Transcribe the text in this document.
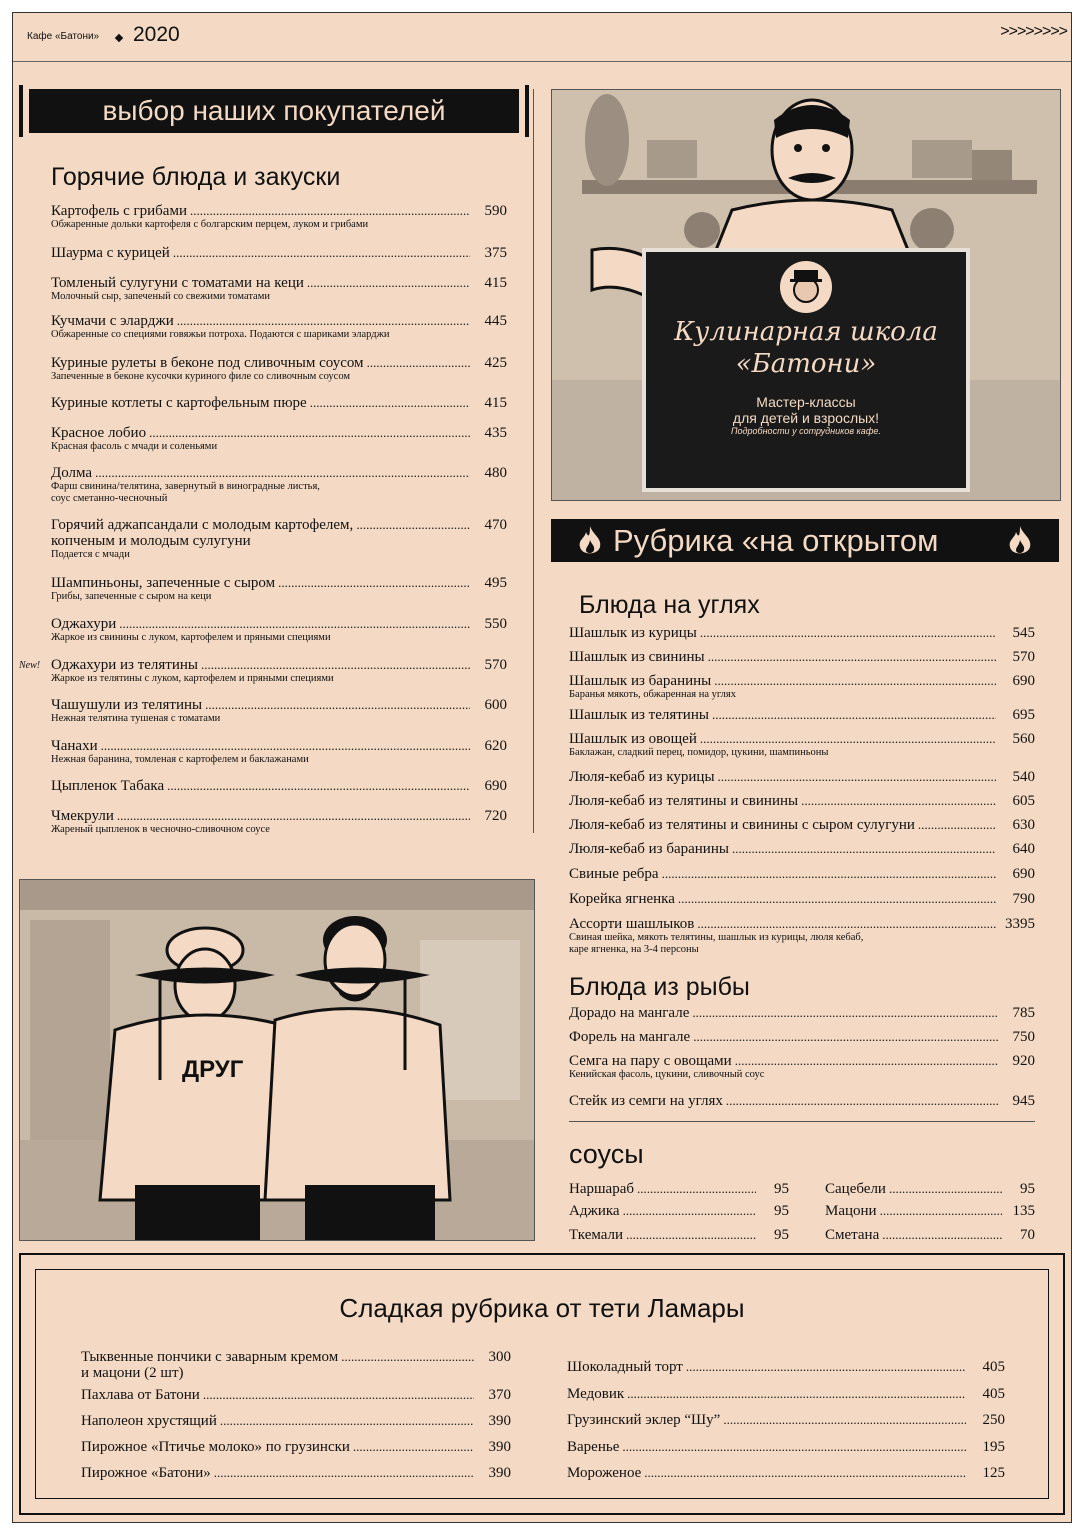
Кафе «Батони» 2020	>>>>>>>>
выбор наших покупателей
Горячие блюда и закуски
Картофель с грибами .....	590
Обжаренные дольки картофеля с болгарским перцем, луком и грибами
Шаурма с курицей .....	375
Томленый сулугуни с томатами на кеци .....	415
Молочный сыр, запеченый со свежими томатами
Кучмачи с эларджи .....	445
Обжаренные со специями говяжьи потроха. Подаются с шариками эларджи
Куриные рулеты в беконе под сливочным соусом .....	425
Запеченные в беконе кусочки куриного филе со сливочным соусом
Куриные котлеты с картофельным пюре .....	415
Красное лобио .....	435
Красная фасоль с мчади и соленьями
Долма .....	480
Фарш свинина/телятина, завернутый в виноградные листья,
соус сметанно-чесночный
Горячий аджапсандали с молодым картофелем, .....	470
копченым и молодым сулугуни
Подается с мчади
Шампиньоны, запеченные с сыром .....	495
Грибы, запеченные с сыром на кеци
Оджахури .....	550
Жаркое из свинины с луком, картофелем и пряными специями
Оджахури из телятины .....	570
Жаркое из телятины с луком, картофелем и пряными специями
New!
Чашушули из телятины .....	600
Нежная телятина тушеная с томатами
Чанахи .....	620
Нежная баранина, томленая с картофелем и баклажанами
Цыпленок Табака .....	690
Чмекрули .....	720
Жареный цыпленок в чесночно-сливочном соусе
Кулинарная школа
«Батони»
Мастер-классы
для детей и взрослых!
Подробности у сотрудников кафе.
Рубрика «на открытом
Блюда на углях
Шашлык из курицы .....	545
Шашлык из свинины .....	570
Шашлык из баранины .....	690
Баранья мякоть, обжаренная на углях
Шашлык из телятины .....	695
Шашлык из овощей .....	560
Баклажан, сладкий перец, помидор, цукини, шампиньоны
Люля-кебаб из курицы .....	540
Люля-кебаб из телятины и свинины .....	605
Люля-кебаб из телятины и свинины с сыром сулугуни .....	630
Люля-кебаб из баранины .....	640
Свиные ребра .....	690
Корейка ягненка .....	790
Ассорти шашлыков .....	3395
Свиная шейка, мякоть телятины, шашлык из курицы, люля кебаб,
каре ягненка, на 3-4 персоны
Блюда из рыбы
Дорадо на мангале .....	785
Форель на мангале .....	750
Семга на пару с овощами .....	920
Кенийская фасоль, цукини, сливочный соус
Стейк из семги на углях .....	945
соусы
Наршараб .....	95
Аджика .....	95
Ткемали .....	95
Сацебели .....	95
Мацони .....	135
Сметана .....	70
ДРУГ
Сладкая рубрика от тети Ламары
Тыквенные пончики с заварным кремом .....	300
и мацони (2 шт)
Пахлава от Батони .....	370
Наполеон хрустящий .....	390
Пирожное «Птичье молоко» по грузински .....	390
Пирожное «Батони» .....	390
Шоколадный торт .....	405
Медовик .....	405
Грузинский эклер “Шу” .....	250
Варенье .....	195
Мороженое .....	125
